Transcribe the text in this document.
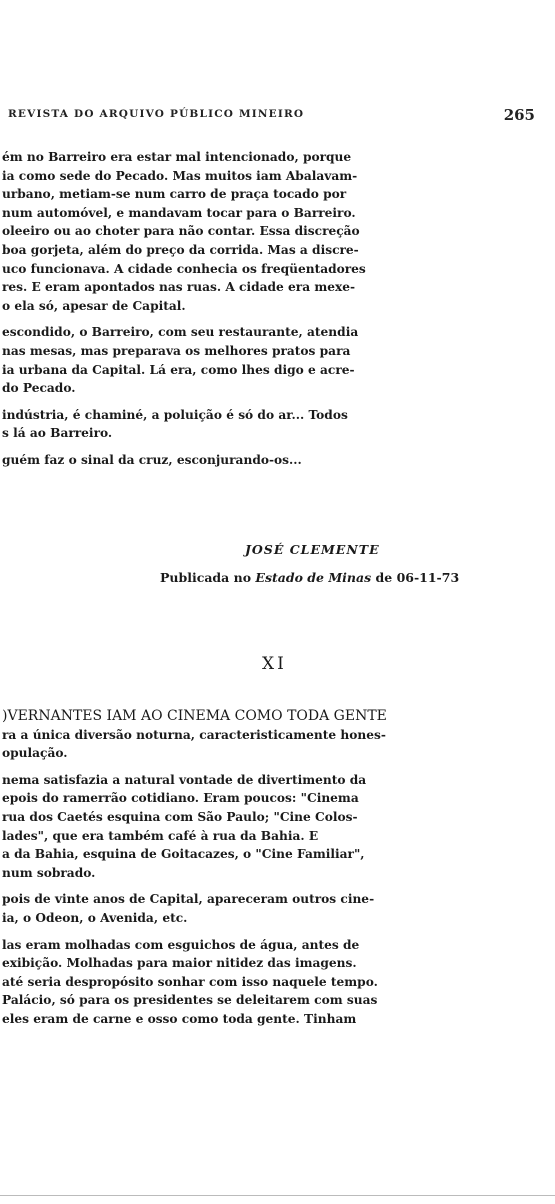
REVISTA DO ARQUIVO PÚBLICO MINEIRO	265
ém no Barreiro era estar mal intencionado, porque
ia como sede do Pecado. Mas muitos iam Abalavam-
urbano, metiam-se num carro de praça tocado por
num automóvel, e mandavam tocar para o Barreiro.
oleeiro ou ao choter para não contar. Essa discreção
boa gorjeta, além do preço da corrida. Mas a discre-
uco funcionava. A cidade conhecia os freqüentadores
res. E eram apontados nas ruas. A cidade era mexe-
o ela só, apesar de Capital.
escondido, o Barreiro, com seu restaurante, atendia
nas mesas, mas preparava os melhores pratos para
ia urbana da Capital. Lá era, como lhes digo e acre-
do Pecado.
indústria, é chaminé, a poluição é só do ar... Todos
s lá ao Barreiro.
guém faz o sinal da cruz, esconjurando-os...
JOSÉ CLEMENTE
Publicada no Estado de Minas de 06-11-73
XI
)VERNANTES IAM AO CINEMA COMO TODA GENTE
ra a única diversão noturna, caracteristicamente hones-
opulação.
nema satisfazia a natural vontade de divertimento da
epois do ramerrão cotidiano. Eram poucos: "Cinema
rua dos Caetés esquina com São Paulo; "Cine Colos-
lades", que era também café à rua da Bahia. E
a da Bahia, esquina de Goitacazes, o "Cine Familiar",
num sobrado.
pois de vinte anos de Capital, apareceram outros cine-
ia, o Odeon, o Avenida, etc.
las eram molhadas com esguichos de água, antes de
exibição. Molhadas para maior nitidez das imagens.
até seria despropósito sonhar com isso naquele tempo.
Palácio, só para os presidentes se deleitarem com suas
eles eram de carne e osso como toda gente. Tinham
